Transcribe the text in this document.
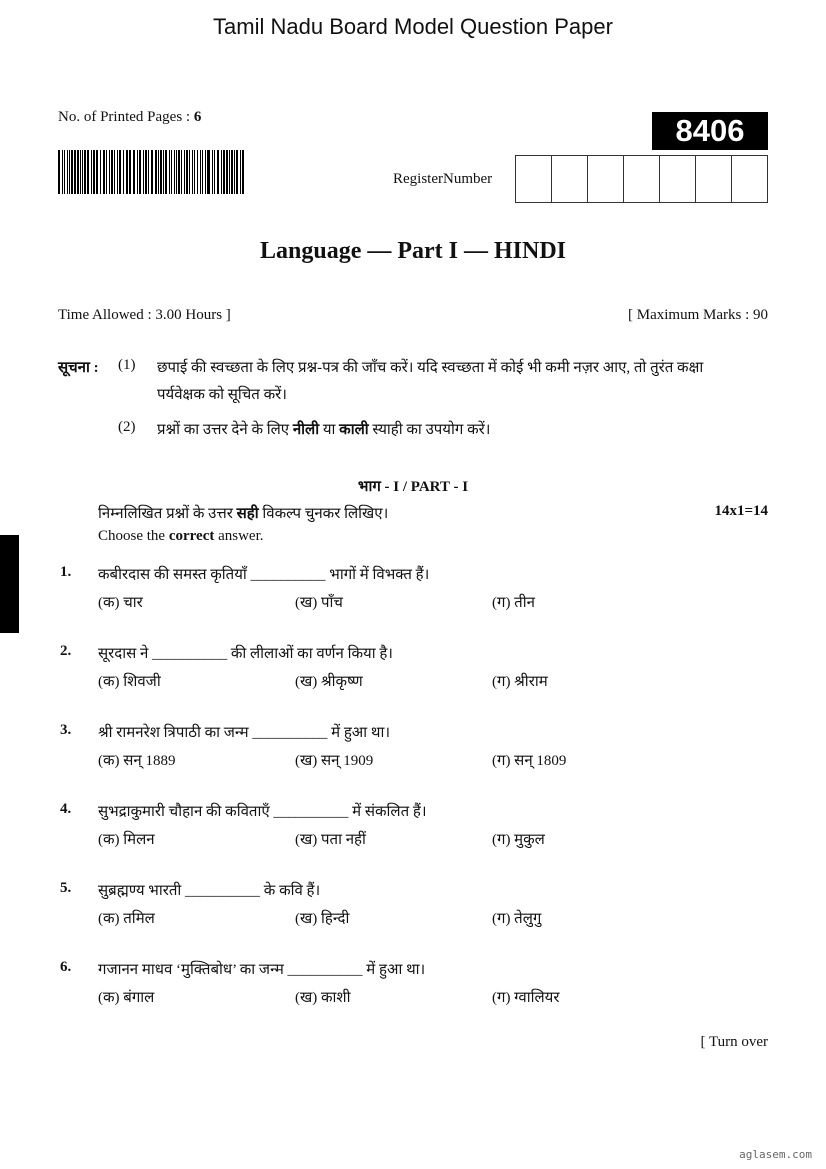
Tamil Nadu Board Model Question Paper
No. of Printed Pages : 6	8406
RegisterNumber
Language — Part I — HINDI
Time Allowed : 3.00 Hours ]	[ Maximum Marks : 90
सूचना : (1) छपाई की स्वच्छता के लिए प्रश्न-पत्र की जाँच करें। यदि स्वच्छता में कोई भी कमी नज़र आए, तो तुरंत कक्षा
पर्यवेक्षक को सूचित करें।
(2) प्रश्नों का उत्तर देने के लिए नीली या काली स्याही का उपयोग करें।
भाग - I / PART - I
निम्नलिखित प्रश्नों के उत्तर सही विकल्प चुनकर लिखिए।	14x1=14
Choose the correct answer.
1. कबीरदास की समस्त कृतियाँ __________ भागों में विभक्त हैं।
(क) चार	(ख) पाँच	(ग) तीन
2. सूरदास ने __________ की लीलाओं का वर्णन किया है।
(क) शिवजी	(ख) श्रीकृष्ण	(ग) श्रीराम
3. श्री रामनरेश त्रिपाठी का जन्म __________ में हुआ था।
(क) सन् 1889	(ख) सन् 1909	(ग) सन् 1809
4. सुभद्राकुमारी चौहान की कविताएँ __________ में संकलित हैं।
(क) मिलन	(ख) पता नहीं	(ग) मुकुल
5. सुब्रह्मण्य भारती __________ के कवि हैं।
(क) तमिल	(ख) हिन्दी	(ग) तेलुगु
6. गजानन माधव ‘मुक्तिबोध’ का जन्म __________ में हुआ था।
(क) बंगाल	(ख) काशी	(ग) ग्वालियर
[ Turn over
aglasem.com
